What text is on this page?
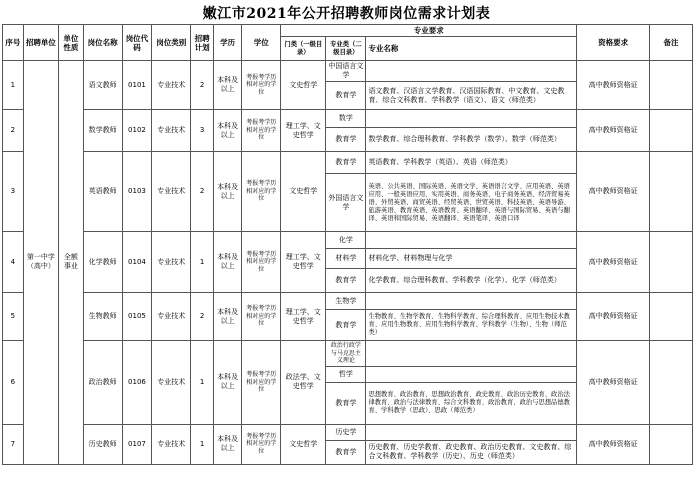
嫩江市2021年公开招聘教师岗位需求计划表
序号	招聘单位	单位性质	岗位名称	岗位代码	岗位类别	招聘计划	学历	学位	专业要求			资格要求	备注
									门类（一级目录）	专业类（二级目录）	专业名称		
1	第一中学（高中）	全额事业	语文教师	0101	专业技术	2	本科及以上	考报考学历相对应的学位	文史哲学	中国语言文学		高中教师资格证	
										教育学	语文教育、汉语言文学教育、汉语国际教育、中文教育、文史教育、综合文科教育、学科教学（语文）、语文（师范类）		
2			数学教师	0102	专业技术	3	本科及以上	考报考学历相对应的学位	理工学、文史哲学	数学		高中教师资格证	
										教育学	数学教育、综合理科教育、学科教学（数学）、数学（师范类）		
3			英语教师	0103	专业技术	2	本科及以上	考报考学历相对应的学位	文史哲学	教育学	英语教育、学科教学（英语）、英语（师范类）	高中教师资格证	
										外国语言文学	英语、公共英语、国际英语、英语文学、英语语言文学、应用英语、英语应用、一般英语应用、实用英语、商务英语、电子商务英语、经济贸易英语、外贸英语、商贸英语、经贸英语、世贸英语、科技英语、英语导游、旅游英语、教育英语、英语教育、英语翻译、英语与国际贸易、英语与翻译、英语和国际贸易、英语翻译、英语笔译、英语口译		
4			化学教师	0104	专业技术	1	本科及以上	考报考学历相对应的学位	理工学、文史哲学	化学		高中教师资格证	
										材料学	材料化学、材料物理与化学		
										教育学	化学教育、综合理科教育、学科教学（化学）、化学（师范类）		
5			生物教师	0105	专业技术	2	本科及以上	考报考学历相对应的学位	理工学、文史哲学	生物学		高中教师资格证	
										教育学	生物教育、生物学教育、生物科学教育、综合理科教育、应用生物技术教育、应用生物教育、应用生物科学教育、学科教学（生物）、生物（师范类）		
6			政治教师	0106	专业技术	1	本科及以上	考报考学历相对应的学位	政法学、文史哲学	政治行政学与马克思主义理论		高中教师资格证	
										哲学			
										教育学	思想教育、政治教育、思想政治教育、政史教育、政治历史教育、政治法律教育、政治与法律教育、综合文科教育、政治教育、政治与思想品德教育、学科教学（思政）、思政（师范类）		
7			历史教师	0107	专业技术	1	本科及以上	考报考学历相对应的学位	文史哲学	历史学		高中教师资格证	
										教育学	历史教育、历史学教育、政史教育、政治历史教育、文史教育、综合文科教育、学科教学（历史）、历史（师范类）		
